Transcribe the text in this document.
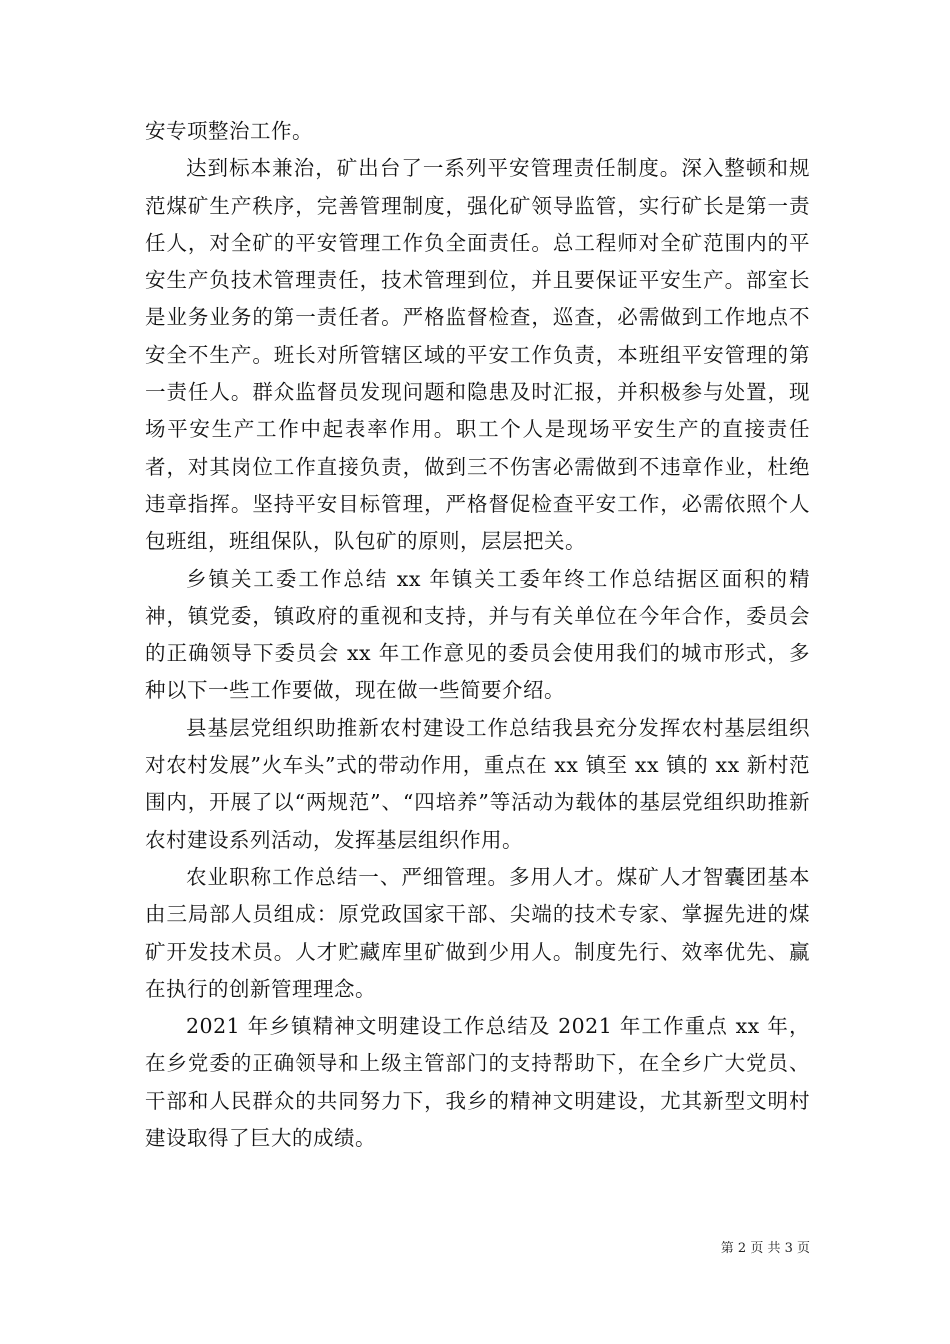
安专项整治工作。

达到标本兼治，矿出台了一系列平安管理责任制度。深入整顿和规范煤矿生产秩序，完善管理制度，强化矿领导监管，实行矿长是第一责任人，对全矿的平安管理工作负全面责任。总工程师对全矿范围内的平安生产负技术管理责任，技术管理到位，并且要保证平安生产。部室长是业务业务的第一责任者。严格监督检查，巡查，必需做到工作地点不安全不生产。班长对所管辖区域的平安工作负责，本班组平安管理的第一责任人。群众监督员发现问题和隐患及时汇报，并积极参与处置，现场平安生产工作中起表率作用。职工个人是现场平安生产的直接责任者，对其岗位工作直接负责，做到三不伤害必需做到不违章作业，杜绝违章指挥。坚持平安目标管理，严格督促检查平安工作，必需依照个人包班组，班组保队，队包矿的原则，层层把关。

乡镇关工委工作总结 xx 年镇关工委年终工作总结据区面积的精神，镇党委，镇政府的重视和支持，并与有关单位在今年合作，委员会的正确领导下委员会 xx 年工作意见的委员会使用我们的城市形式，多种以下一些工作要做，现在做一些简要介绍。

县基层党组织助推新农村建设工作总结我县充分发挥农村基层组织对农村发展”火车头”式的带动作用，重点在 xx 镇至 xx 镇的 xx 新村范围内，开展了以“两规范”、“四培养”等活动为载体的基层党组织助推新农村建设系列活动，发挥基层组织作用。

农业职称工作总结一、严细管理。多用人才。煤矿人才智囊团基本由三局部人员组成：原党政国家干部、尖端的技术专家、掌握先进的煤矿开发技术员。人才贮藏库里矿做到少用人。制度先行、效率优先、赢在执行的创新管理理念。

2021 年乡镇精神文明建设工作总结及 2021 年工作重点 xx 年，在乡党委的正确领导和上级主管部门的支持帮助下，在全乡广大党员、干部和人民群众的共同努力下，我乡的精神文明建设，尤其新型文明村建设取得了巨大的成绩。

第 2 页 共 3 页
